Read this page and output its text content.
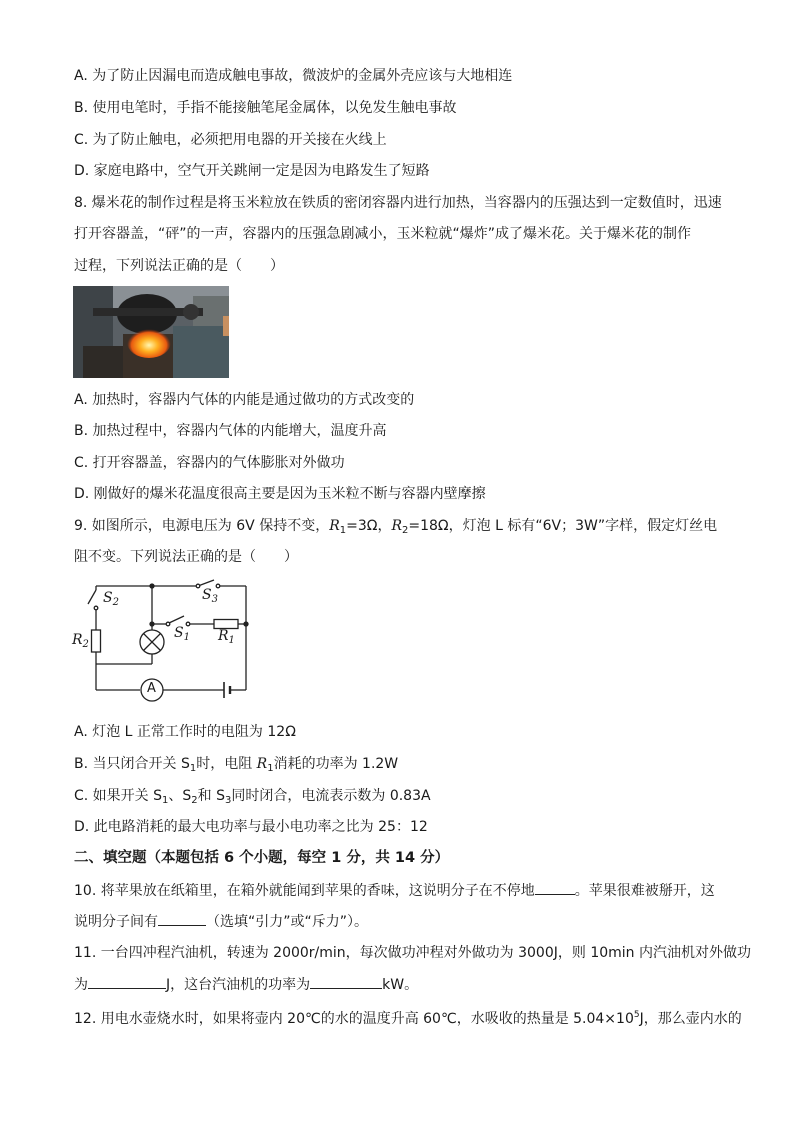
A. 为了防止因漏电而造成触电事故，微波炉的金属外壳应该与大地相连
B. 使用电笔时，手指不能接触笔尾金属体，以免发生触电事故
C. 为了防止触电，必须把用电器的开关接在火线上
D. 家庭电路中，空气开关跳闸一定是因为电路发生了短路
8. 爆米花的制作过程是将玉米粒放在铁质的密闭容器内进行加热，当容器内的压强达到一定数值时，迅速
打开容器盖，“砰”的一声，容器内的压强急剧减小，玉米粒就“爆炸”成了爆米花。关于爆米花的制作
过程，下列说法正确的是（　　）
A. 加热时，容器内气体的内能是通过做功的方式改变的
B. 加热过程中，容器内气体的内能增大，温度升高
C. 打开容器盖，容器内的气体膨胀对外做功
D. 刚做好的爆米花温度很高主要是因为玉米粒不断与容器内壁摩擦
9. 如图所示，电源电压为 6V 保持不变，$R_1=3\Omega$，$R_2=18\Omega$，灯泡 L 标有“6V；3W”字样，假定灯丝电
阻不变。下列说法正确的是（　　）
$S_2$	$S_3$
$S_1$ $R_1$
$R_2$
A
A. 灯泡 L 正常工作时的电阻为 12Ω
B. 当只闭合开关 $S_1$时，电阻 $R_1$消耗的功率为 1.2W
C. 如果开关 $S_1$、$S_2$和 $S_3$同时闭合，电流表示数为 0.83A
D. 此电路消耗的最大电功率与最小电功率之比为 25：12
二、填空题（本题包括 6 个小题，每空 1 分，共 14 分）
10. 将苹果放在纸箱里，在箱外就能闻到苹果的香味，这说明分子在不停地	。苹果很难被掰开，这
说明分子间有	（选填“引力”或“斥力”）。
11. 一台四冲程汽油机，转速为 2000r/min，每次做功冲程对外做功为 3000J，则 10min 内汽油机对外做功
为	J，这台汽油机的功率为	kW。
12. 用电水壶烧水时，如果将壶内 20℃的水的温度升高 60℃，水吸收的热量是 $5.04\times 10^5J$，那么壶内水的
